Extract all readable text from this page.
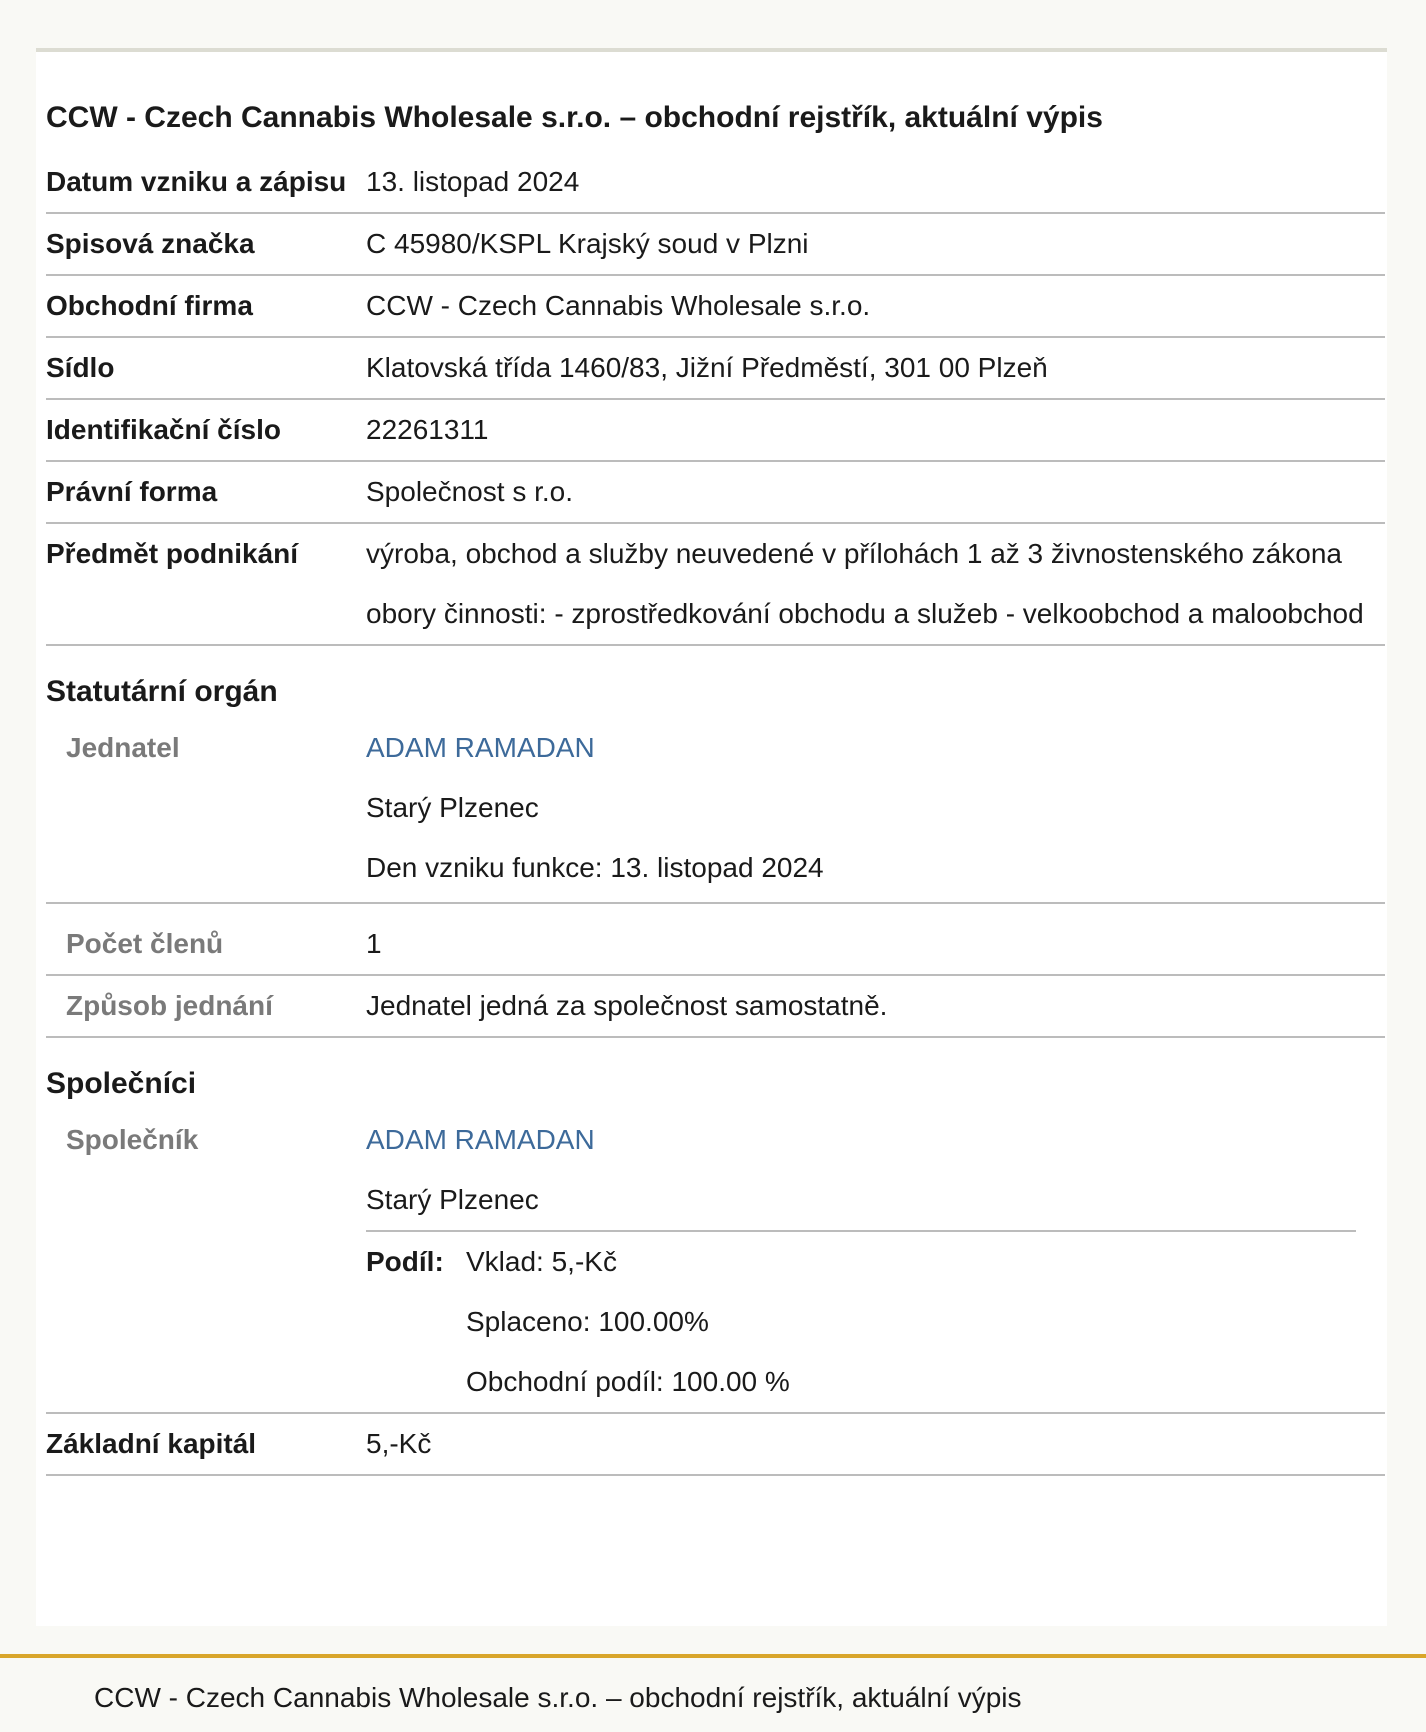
CCW - Czech Cannabis Wholesale s.r.o. – obchodní rejstřík, aktuální výpis
Datum vzniku a zápisu 13. listopad 2024
Spisová značka	C 45980/KSPL Krajský soud v Plzni
Obchodní firma	CCW - Czech Cannabis Wholesale s.r.o.
Sídlo	Klatovská třída 1460/83, Jižní Předměstí, 301 00 Plzeň
Identifikační číslo	22261311
Právní forma	Společnost s r.o.
Předmět podnikání	výroba, obchod a služby neuvedené v přílohách 1 až 3 živnostenského zákona obory činnosti: - zprostředkování obchodu a služeb - velkoobchod a maloobchod
Statutární orgán
Jednatel	ADAM RAMADAN
Starý Plzenec
Den vzniku funkce: 13. listopad 2024
Počet členů	1
Způsob jednání	Jednatel jedná za společnost samostatně.
Společníci
Společník	ADAM RAMADAN
Starý Plzenec
Podíl: Vklad: 5,-Kč
Splaceno: 100.00%
Obchodní podíl: 100.00 %
Základní kapitál	5,-Kč
CCW - Czech Cannabis Wholesale s.r.o. – obchodní rejstřík, aktuální výpis
